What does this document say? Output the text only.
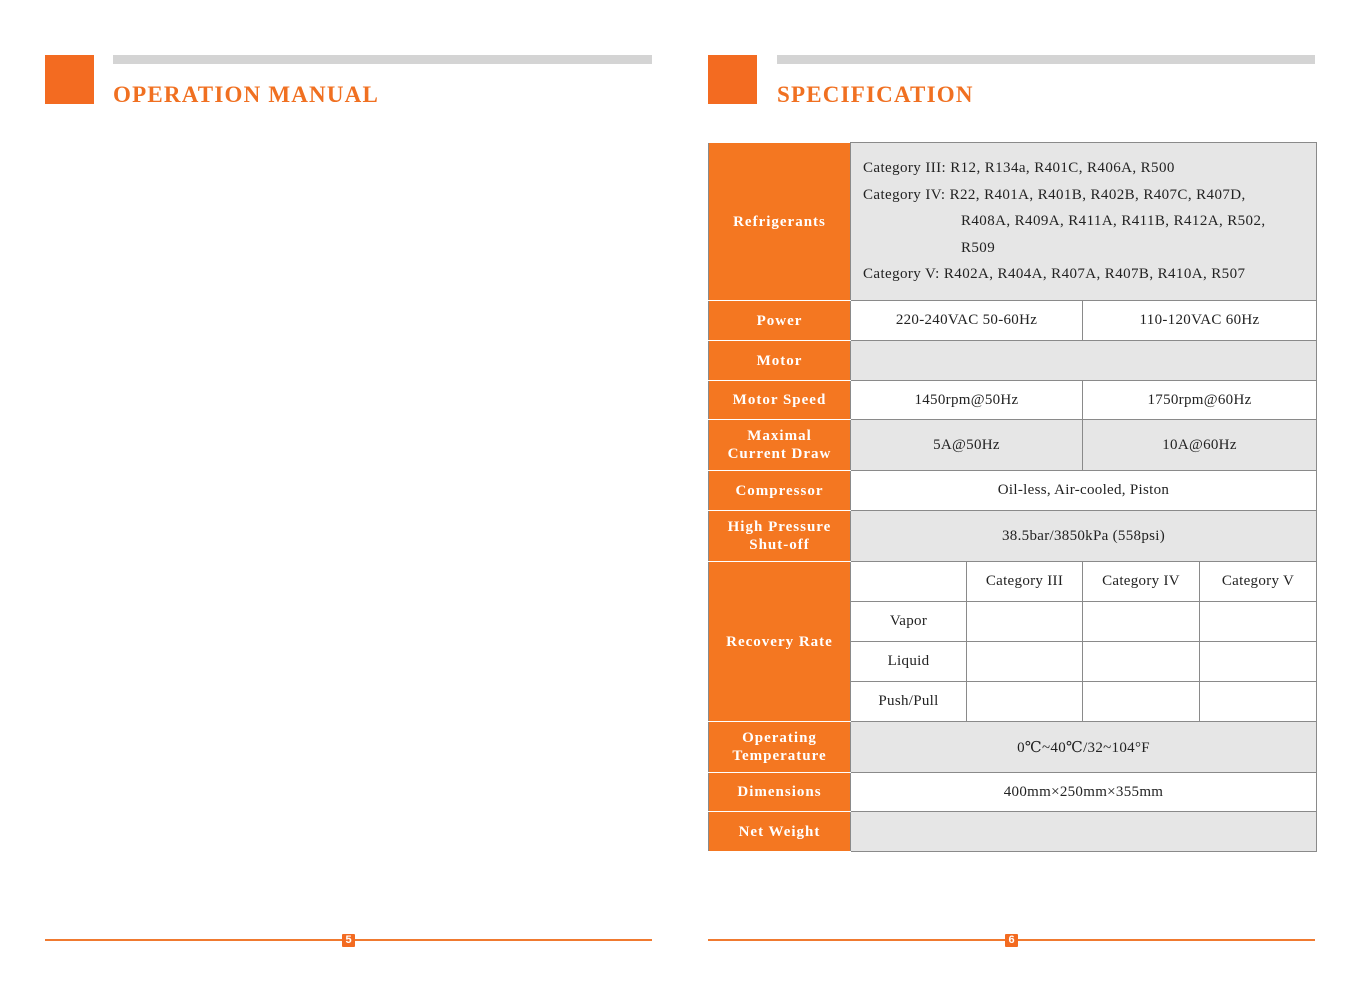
OPERATION MANUAL
5
SPECIFICATION
Refrigerants	Category III: R12, R134a, R401C, R406A, R500
Category IV: R22, R401A, R401B, R402B, R407C, R407D,
R408A, R409A, R411A, R411B, R412A, R502,
R509
Category V: R402A, R404A, R407A, R407B, R410A, R507			

Power	220-240VAC 50-60Hz		110-120VAC 60Hz	
Motor				
Motor Speed	1450rpm@50Hz		1750rpm@60Hz	

Maximal
Current Draw	5A@50Hz		10A@60Hz	
Compressor	Oil-less, Air-cooled, Piston			

High Pressure
Shut-off	38.5bar/3850kPa (558psi)			
Recovery Rate		Category III	Category IV	Category V
	Vapor			
	Liquid			
	Push/Pull			

Operating
Temperature	0℃~40℃/32~104°F			
Dimensions	400mm×250mm×355mm			
Net Weight				
6
